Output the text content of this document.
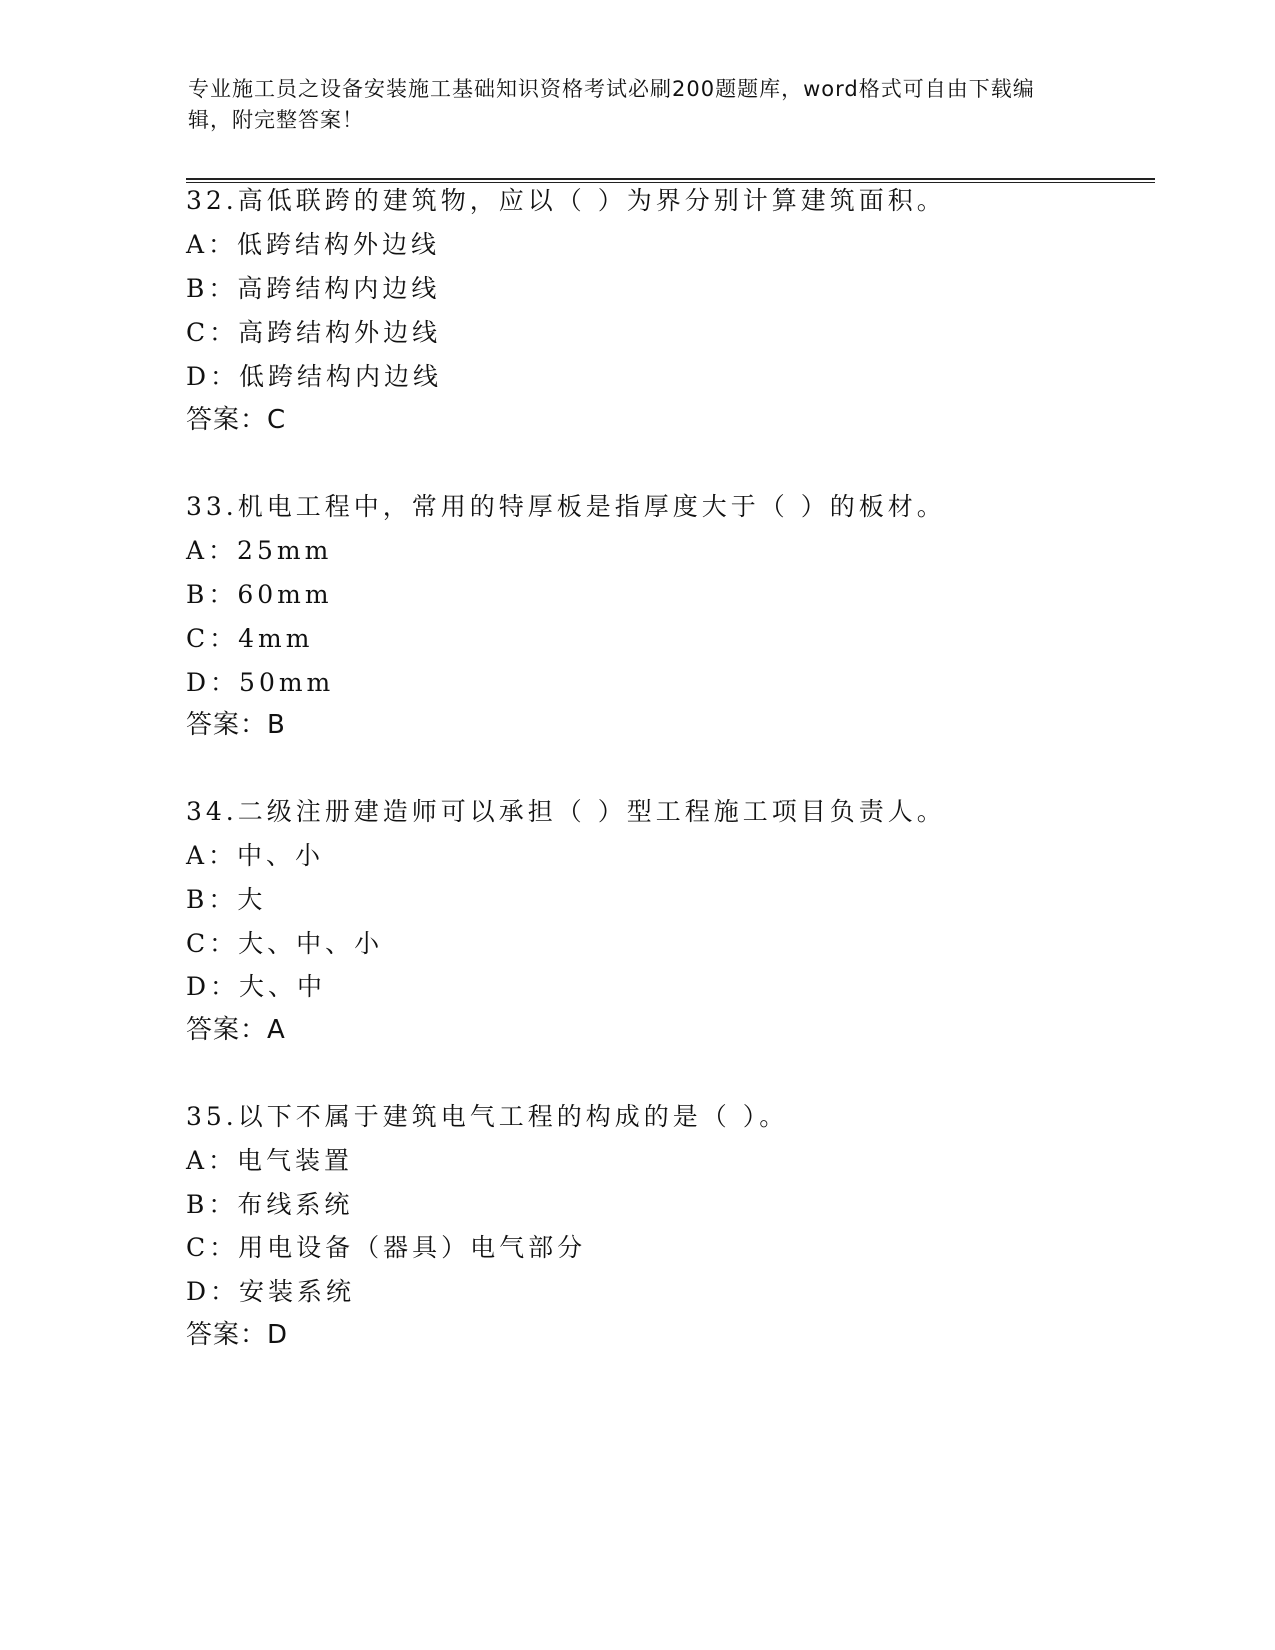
专业施工员之设备安装施工基础知识资格考试必刷200题题库，word格式可自由下载编辑，附完整答案！
32.高低联跨的建筑物，应以（ ）为界分别计算建筑面积。
A：低跨结构外边线
B：高跨结构内边线
C：高跨结构外边线
D：低跨结构内边线
答案：C
33.机电工程中，常用的特厚板是指厚度大于（ ）的板材。
A：25mm
B：60mm
C：4mm
D：50mm
答案：B
34.二级注册建造师可以承担（ ）型工程施工项目负责人。
A：中、小
B：大
C：大、中、小
D：大、中
答案：A
35.以下不属于建筑电气工程的构成的是（ ）。
A：电气装置
B：布线系统
C：用电设备（器具）电气部分
D：安装系统
答案：D
